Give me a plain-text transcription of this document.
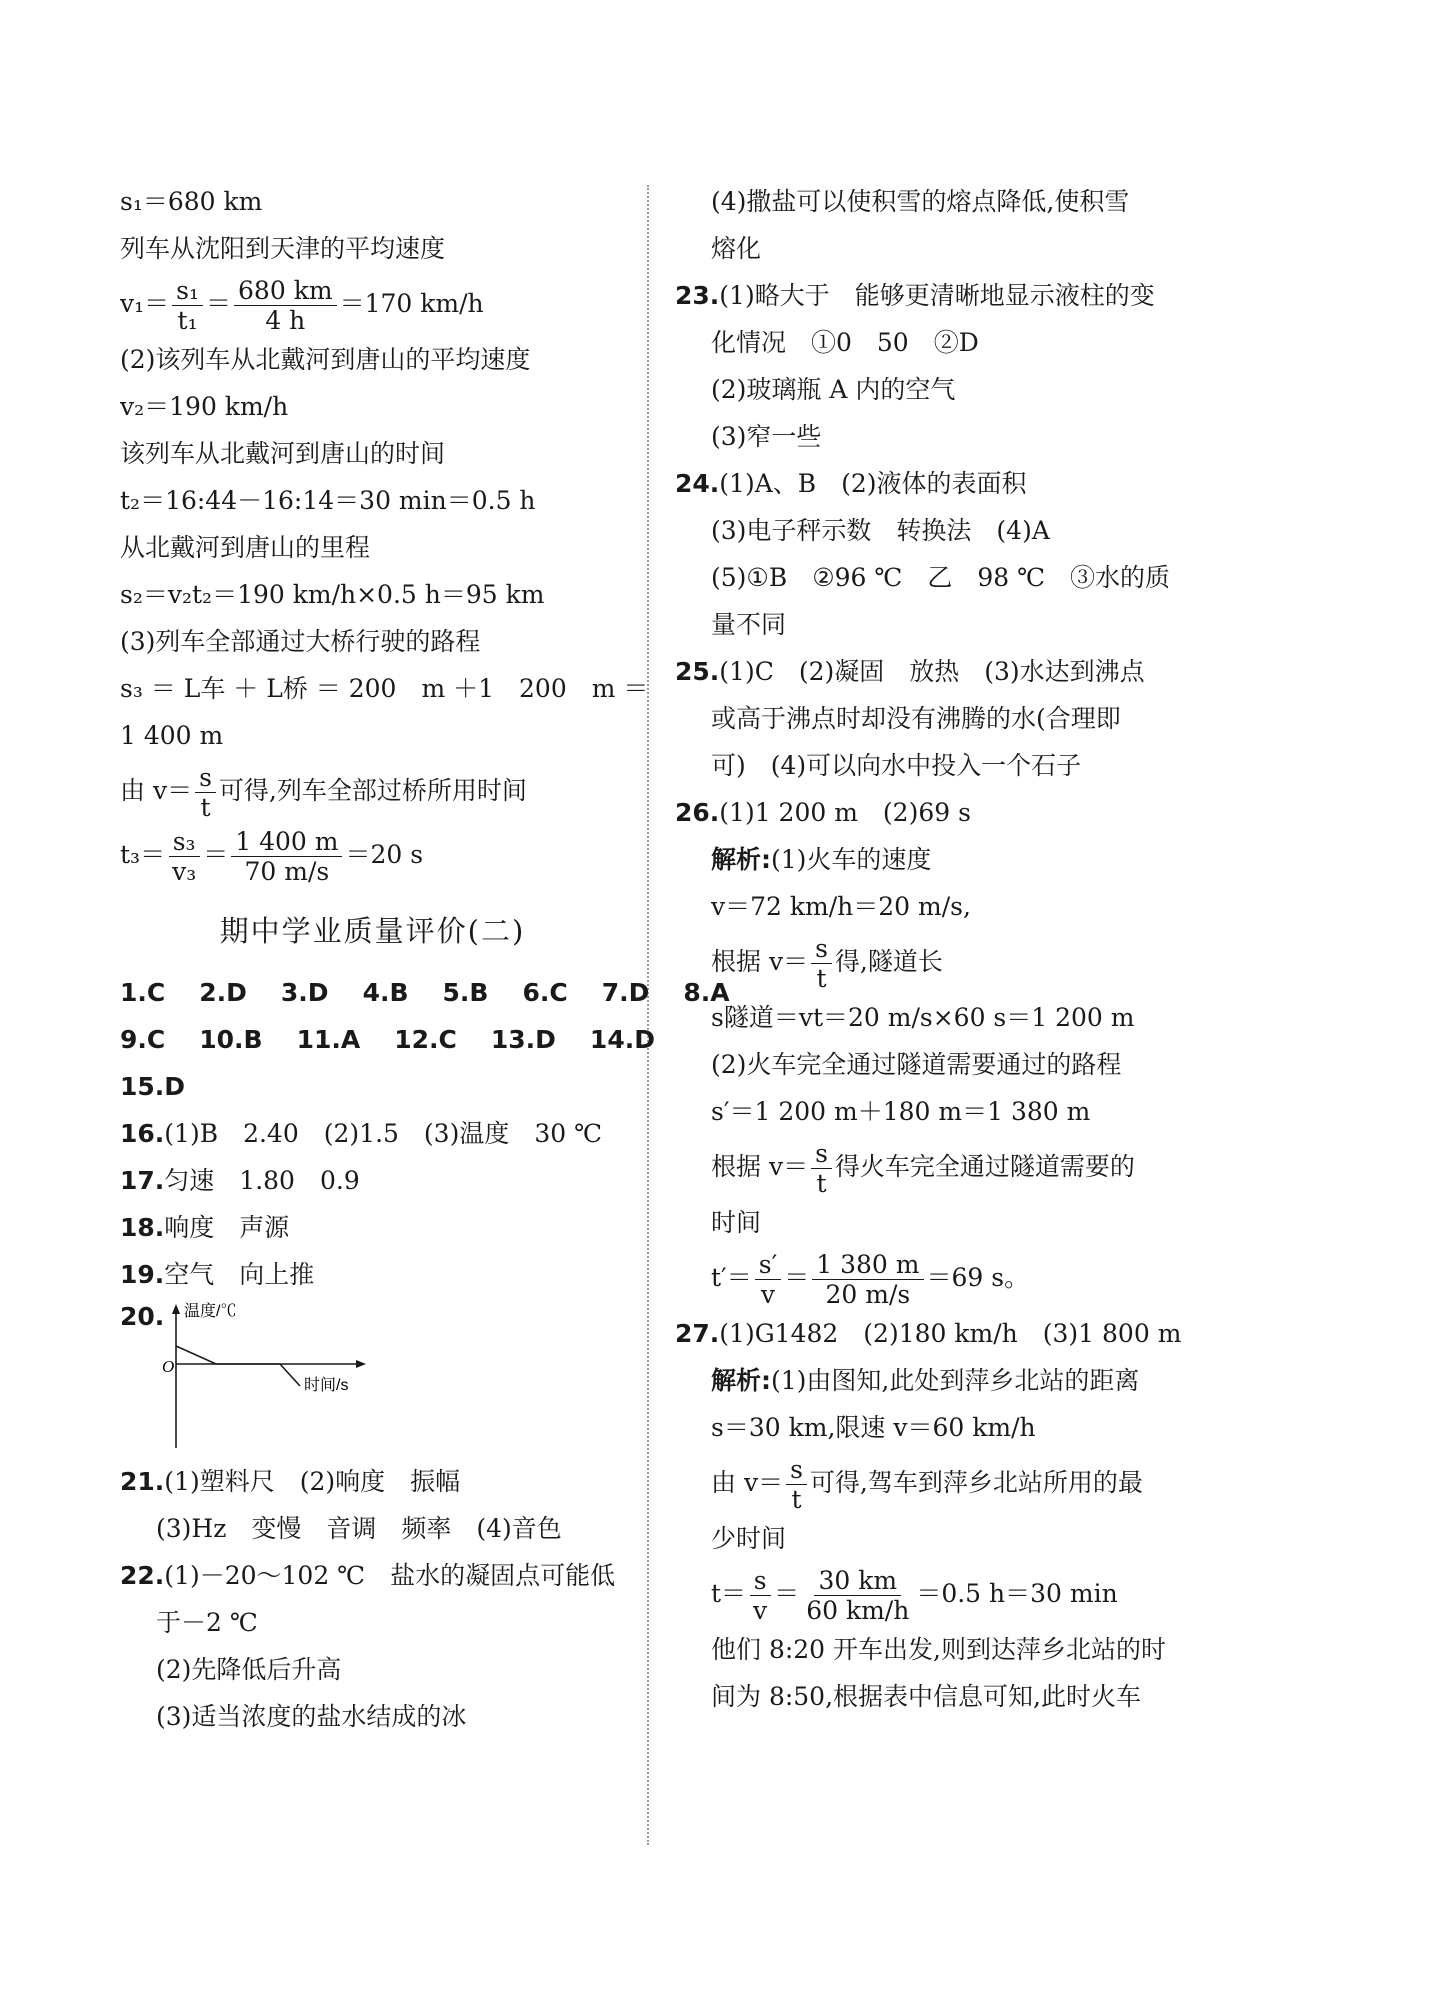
s₁＝680 km
列车从沈阳到天津的平均速度
$v_1= \frac{\text{s₁}}{\text{t₁}} = \frac{680 km}{4 h} =170$ km/h
(2)该列车从北戴河到唐山的平均速度
v₂＝190 km/h
该列车从北戴河到唐山的时间
t₂＝16:44－16:14＝30 min＝0.5 h
从北戴河到唐山的里程
s₂＝v₂t₂＝190 km/h×0.5 h＝95 km
(3)列车全部通过大桥行驶的路程
s₃ ＝ L车 ＋ L桥 ＝ 200　m ＋1　200　m ＝
1 400 m
由 $v= \frac{s}{t}$ 可得,列车全部过桥所用时间
$t_3= \frac{\text{s₃}}{\text{v₃}} = \frac{1 400 m}{70 m/s} =20$ s
期中学业质量评价(二)
1.C 2.D 3.D 4.B 5.B 6.C 7.D 8.A
9.C 10.B 11.A 12.C 13.D 14.D
15.D
16.(1)B　2.40　(2)1.5　(3)温度　30 ℃
17.匀速　1.80　0.9
18.响度　声源
19.空气　向上推
20. 温度/℃
O
时间/s
21.(1)塑料尺　(2)响度　振幅
(3)Hz　变慢　音调　频率　(4)音色
22.(1)－20～102 ℃　盐水的凝固点可能低
于－2 ℃
(2)先降低后升高
(3)适当浓度的盐水结成的冰
(4)撒盐可以使积雪的熔点降低,使积雪
熔化
23.(1)略大于　能够更清晰地显示液柱的变
化情况　①0　50　②D
(2)玻璃瓶 A 内的空气
(3)窄一些
24.(1)A、B　(2)液体的表面积
(3)电子秤示数　转换法　(4)A
(5)①B　②96 ℃　乙　98 ℃　③水的质
量不同
25.(1)C　(2)凝固　放热　(3)水达到沸点
或高于沸点时却没有沸腾的水(合理即
可)　(4)可以向水中投入一个石子
26.(1)1 200 m　(2)69 s
解析:(1)火车的速度
v＝72 km/h＝20 m/s,
根据 $v= \frac{s}{t}$ 得,隧道长
s隧道＝vt＝20 m/s×60 s＝1 200 m
(2)火车完全通过隧道需要通过的路程
s′＝1 200 m＋180 m＝1 380 m
根据 $v= \frac{s}{t}$ 得火车完全通过隧道需要的
时间
$t'= \frac{s'}{v} = \frac{1 380 m}{20 m/s} =69$ s。
27.(1)G1482　(2)180 km/h　(3)1 800 m
解析:(1)由图知,此处到萍乡北站的距离
s＝30 km,限速 v＝60 km/h
由 $v= \frac{s}{t}$ 可得,驾车到萍乡北站所用的最
少时间
$t= \frac{s}{v} = \frac{30 km}{60 km/h} =0.5$ h＝30 min
他们 8:20 开车出发,则到达萍乡北站的时
间为 8:50,根据表中信息可知,此时火车
